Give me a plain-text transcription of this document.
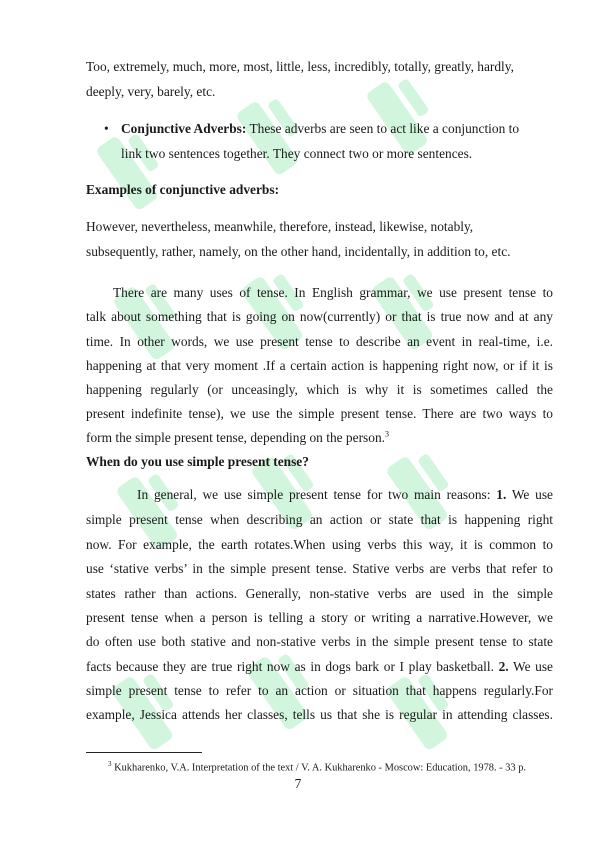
Too, extremely, much, more, most, little, less, incredibly, totally, greatly, hardly,
deeply, very, barely, etc.
• Conjunctive Adverbs: These adverbs are seen to act like a conjunction to
link two sentences together. They connect two or more sentences.
Examples of conjunctive adverbs:
However, nevertheless, meanwhile, therefore, instead, likewise, notably,
subsequently, rather, namely, on the other hand, incidentally, in addition to, etc.
There are many uses of tense. In English grammar, we use present tense to
talk about something that is going on now(currently) or that is true now and at any
time. In other words, we use present tense to describe an event in real-time, i.e.
happening at that very moment .If a certain action is happening right now, or if it is
happening regularly (or unceasingly, which is why it is sometimes called the
present indefinite tense), we use the simple present tense. There are two ways to
form the simple present tense, depending on the person.$^3$
When do you use simple present tense?
In general, we use simple present tense for two main reasons: 1. We use
simple present tense when describing an action or state that is happening right
now. For example, the earth rotates.When using verbs this way, it is common to
use ‘stative verbs’ in the simple present tense. Stative verbs are verbs that refer to
states rather than actions. Generally, non-stative verbs are used in the simple
present tense when a person is telling a story or writing a narrative.However, we
do often use both stative and non-stative verbs in the simple present tense to state
facts because they are true right now as in dogs bark or I play basketball. 2. We use
simple present tense to refer to an action or situation that happens regularly.For
example, Jessica attends her classes, tells us that she is regular in attending classes.
$^3$ Kukharenko, V.A. Interpretation of the text / V. A. Kukharenko - Moscow: Education, 1978. - 33 p.
7
